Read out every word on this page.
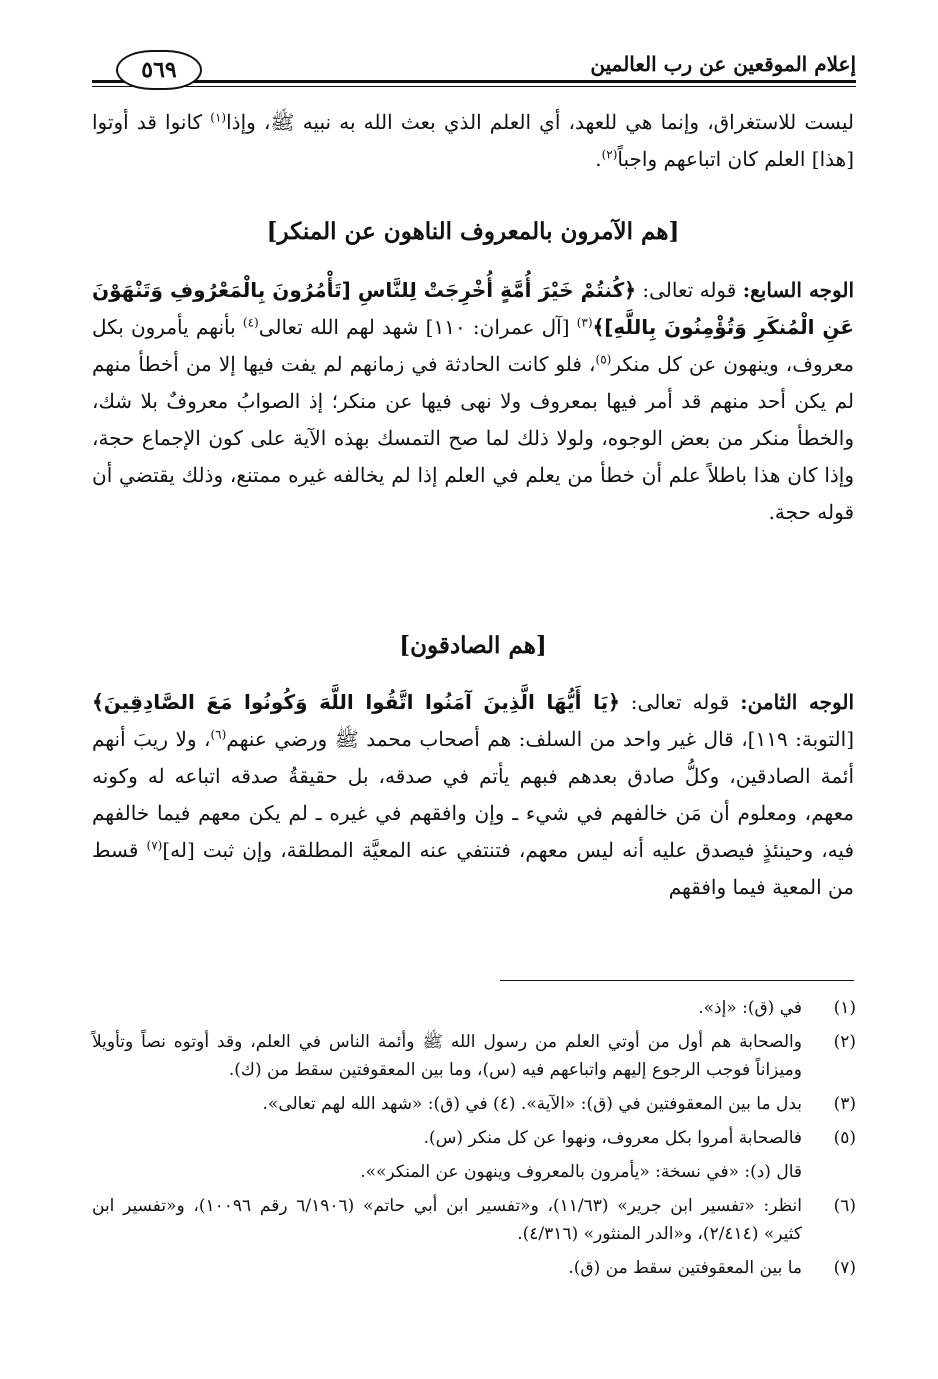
إعلام الموقعين عن رب العالمين
٥٦٩

ليست للاستغراق، وإنما هي للعهد، أي العلم الذي بعث الله به نبيه ﷺ، وإذا$^{(١)}$ كانوا قد أوتوا [هذا] العلم كان اتباعهم واجباً$^{(٢)}$.

[هم الآمرون بالمعروف الناهون عن المنكر]

الوجه السابع: قوله تعالى: ﴿كُنتُمْ خَيْرَ أُمَّةٍ أُخْرِجَتْ لِلنَّاسِ [تَأْمُرُونَ بِالْمَعْرُوفِ وَتَنْهَوْنَ عَنِ الْمُنكَرِ وَتُؤْمِنُونَ بِاللَّهِ]﴾$^{(٣)}$ [آل عمران: ١١٠] شهد لهم الله تعالى$^{(٤)}$ بأنهم يأمرون بكل معروف، وينهون عن كل منكر$^{(٥)}$، فلو كانت الحادثة في زمانهم لم يفت فيها إلا من أخطأ منهم لم يكن أحد منهم قد أمر فيها بمعروف ولا نهى فيها عن منكر؛ إذ الصوابُ معروفٌ بلا شك، والخطأ منكر من بعض الوجوه، ولولا ذلك لما صح التمسك بهذه الآية على كون الإجماع حجة، وإذا كان هذا باطلاً علم أن خطأ من يعلم في العلم إذا لم يخالفه غيره ممتنع، وذلك يقتضي أن قوله حجة.

[هم الصادقون]

الوجه الثامن: قوله تعالى: ﴿يَا أَيُّهَا الَّذِينَ آمَنُوا اتَّقُوا اللَّهَ وَكُونُوا مَعَ الصَّادِقِينَ﴾ [التوبة: ١١٩]، قال غير واحد من السلف: هم أصحاب محمد ﷺ ورضي عنهم$^{(٦)}$، ولا ريبَ أنهم أئمة الصادقين، وكلُّ صادق بعدهم فبهم يأتم في صدقه، بل حقيقةُ صدقه اتباعه له وكونه معهم، ومعلوم أن مَن خالفهم في شيء ـ وإن وافقهم في غيره ـ لم يكن معهم فيما خالفهم فيه، وحينئذٍ فيصدق عليه أنه ليس معهم، فتنتفي عنه المعيَّة المطلقة، وإن ثبت [له]$^{(٧)}$ قسط من المعية فيما وافقهم

(١)
في (ق): «إذ».
(٢)
والصحابة هم أول من أوتي العلم من رسول الله ﷺ وأئمة الناس في العلم، وقد أوتوه نصاً وتأويلاً وميزاناً فوجب الرجوع إليهم واتباعهم فيه (س)، وما بين المعقوفتين سقط من (ك).
(٣)
بدل ما بين المعقوفتين في (ق): «الآية». (٤) في (ق): «شهد الله لهم تعالى».
(٥)
فالصحابة أمروا بكل معروف، ونهوا عن كل منكر (س).
قال (د): «في نسخة: «يأمرون بالمعروف وينهون عن المنكر»».
(٦)
انظر: «تفسير ابن جرير» (١١/٦٣)، و«تفسير ابن أبي حاتم» (٦/١٩٠٦ رقم ١٠٠٩٦)، و«تفسير ابن كثير» (٢/٤١٤)، و«الدر المنثور» (٤/٣١٦).
(٧)
ما بين المعقوفتين سقط من (ق).
